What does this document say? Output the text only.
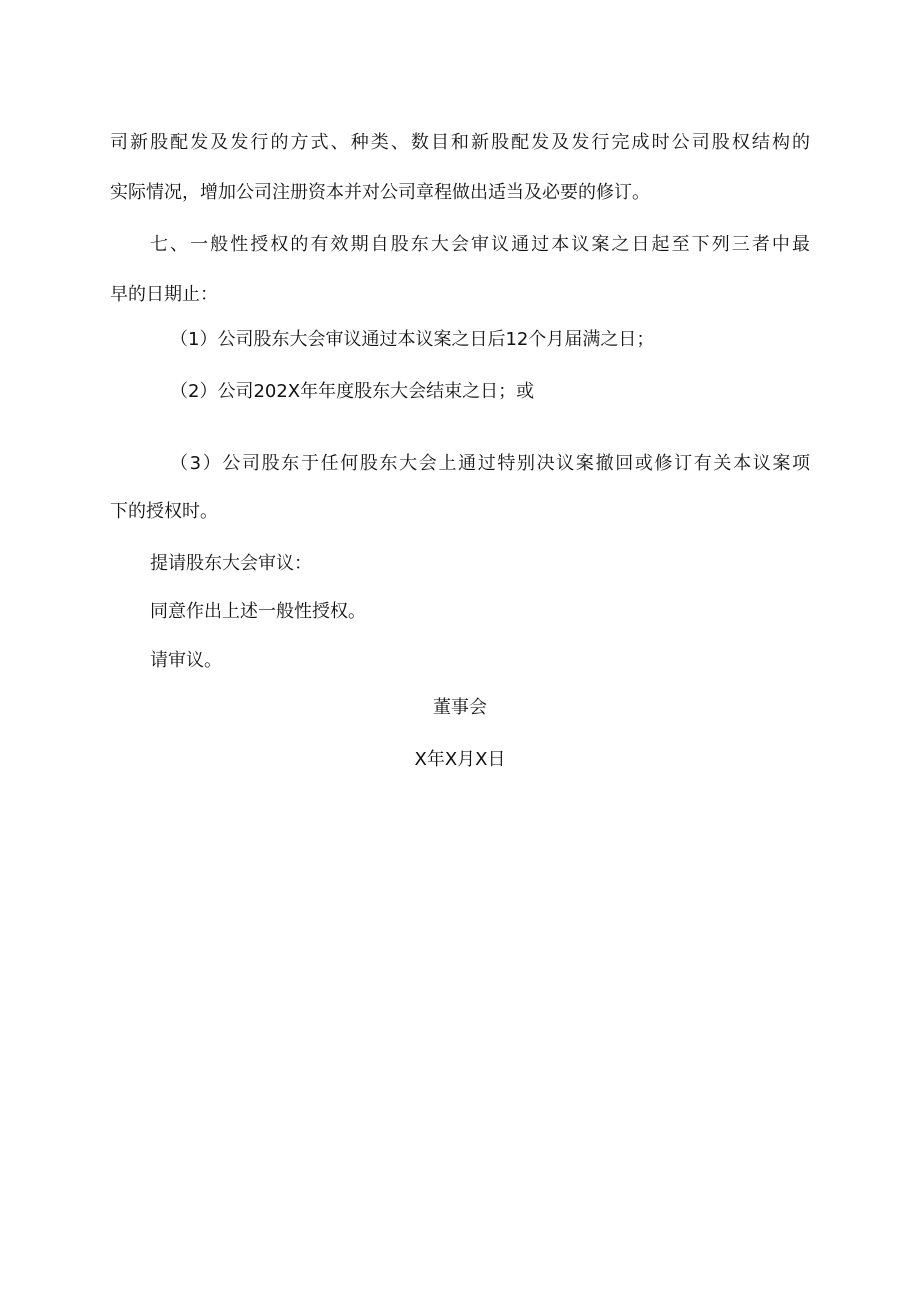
司新股配发及发行的方式、种类、数目和新股配发及发行完成时公司股权结构的
实际情况，增加公司注册资本并对公司章程做出适当及必要的修订。
七、一般性授权的有效期自股东大会审议通过本议案之日起至下列三者中最
早的日期止：
（1）公司股东大会审议通过本议案之日后12个月届满之日；
（2）公司202X年年度股东大会结束之日；或
（3）公司股东于任何股东大会上通过特别决议案撤回或修订有关本议案项
下的授权时。
提请股东大会审议：
同意作出上述一般性授权。
请审议。
董事会
X年X月X日
